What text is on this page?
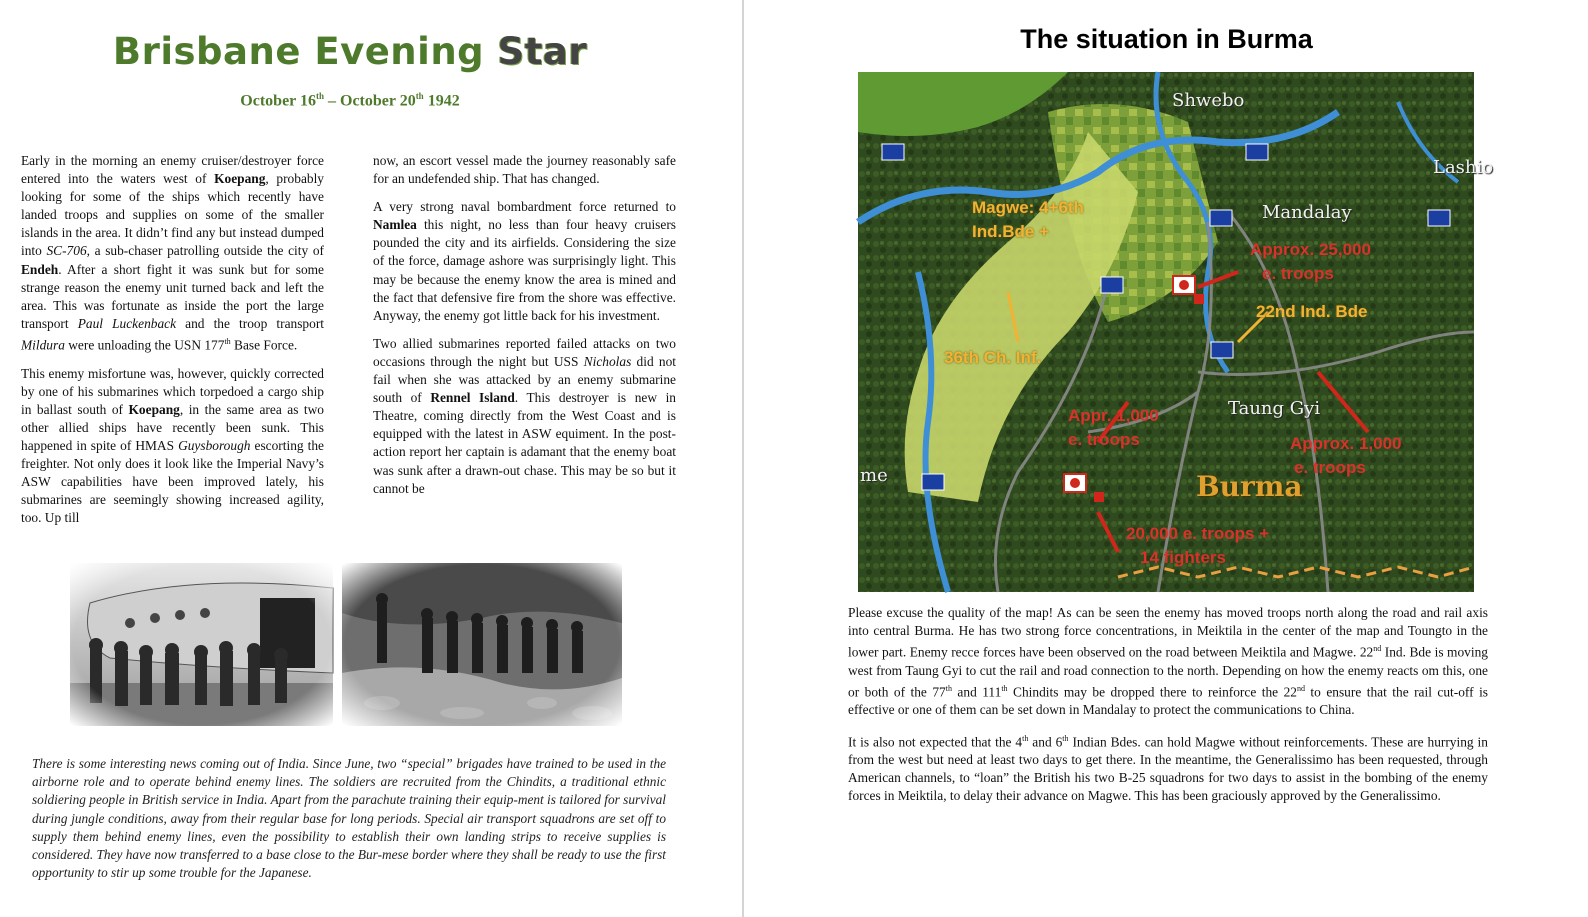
Brisbane Evening Star
October 16th – October 20th 1942

Early in the morning an enemy cruiser/destroyer force entered into the waters west of Koepang, probably looking for some of the ships which recently have landed troops and supplies on some of the smaller islands in the area. It didn’t find any but instead dumped into SC-706, a sub-chaser patrolling outside the city of Endeh. After a short fight it was sunk but for some strange reason the enemy unit turned back and left the area. This was fortunate as inside the port the large transport Paul Luckenback and the troop transport Mildura were unloading the USN 177th Base Force.

This enemy misfortune was, however, quickly corrected by one of his submarines which torpedoed a cargo ship in ballast south of Koepang, in the same area as two other allied ships have recently been sunk. This happened in spite of HMAS Guysborough escorting the freighter. Not only does it look like the Imperial Navy’s ASW capabilities have been improved lately, his submarines are seemingly showing increased agility, too. Up till

now, an escort vessel made the journey reasonably safe for an undefended ship. That has changed.

A very strong naval bombardment force returned to Namlea this night, no less than four heavy cruisers pounded the city and its airfields. Considering the size of the force, damage ashore was surprisingly light. This may be because the enemy know the area is mined and the fact that defensive fire from the shore was effective. Anyway, the enemy got little back for his investment.

Two allied submarines reported failed attacks on two occasions through the night but USS Nicholas did not fail when she was attacked by an enemy submarine south of Rennel Island. This destroyer is new in Theatre, coming directly from the West Coast and is equipped with the latest in ASW equiment. In the post-action report her captain is adamant that the enemy boat was sunk after a drawn-out chase. This may be so but it cannot be

There is some interesting news coming out of India. Since June, two “special” brigades have trained to be used in the airborne role and to operate behind enemy lines. The soldiers are recruited from the Chindits, a traditional ethnic soldiering people in British service in India. Apart from the parachute training their equip-ment is tailored for survival during jungle conditions, away from their regular base for long periods. Special air transport squadrons are set off to supply them behind enemy lines, even the possibility to establish their own landing strips to receive supplies is considered. They have now transferred to a base close to the Bur-mese border where they shall be ready to use the first opportunity to stir up some trouble for the Japanese.
The situation in Burma
Shwebo
Lashio
Mandalay
Taung Gyi
me	Burma
Magwe: 4+6th
Ind.Bde +
22nd Ind. Bde
36th Ch. Inf.
Approx. 25,000
e. troops
Appr. 1,000
e. troops	Approx. 1,000
e. troops
20,000 e. troops +
14 fighters

Please excuse the quality of the map! As can be seen the enemy has moved troops north along the road and rail axis into central Burma. He has two strong force concentrations, in Meiktila in the center of the map and Toungto in the lower part. Enemy recce forces have been observed on the road between Meiktila and Magwe. 22nd Ind. Bde is moving west from Taung Gyi to cut the rail and road connection to the north. Depending on how the enemy reacts om this, one or both of the 77th and 111th Chindits may be dropped there to reinforce the 22nd to ensure that the rail cut-off is effective or one of them can be set down in Mandalay to protect the communications to China.

It is also not expected that the 4th and 6th Indian Bdes. can hold Magwe without reinforcements. These are hurrying in from the west but need at least two days to get there. In the meantime, the Generalissimo has been requested, through American channels, to “loan” the British his two B-25 squadrons for two days to assist in the bombing of the enemy forces in Meiktila, to delay their advance on Magwe. This has been graciously approved by the Generalissimo.
